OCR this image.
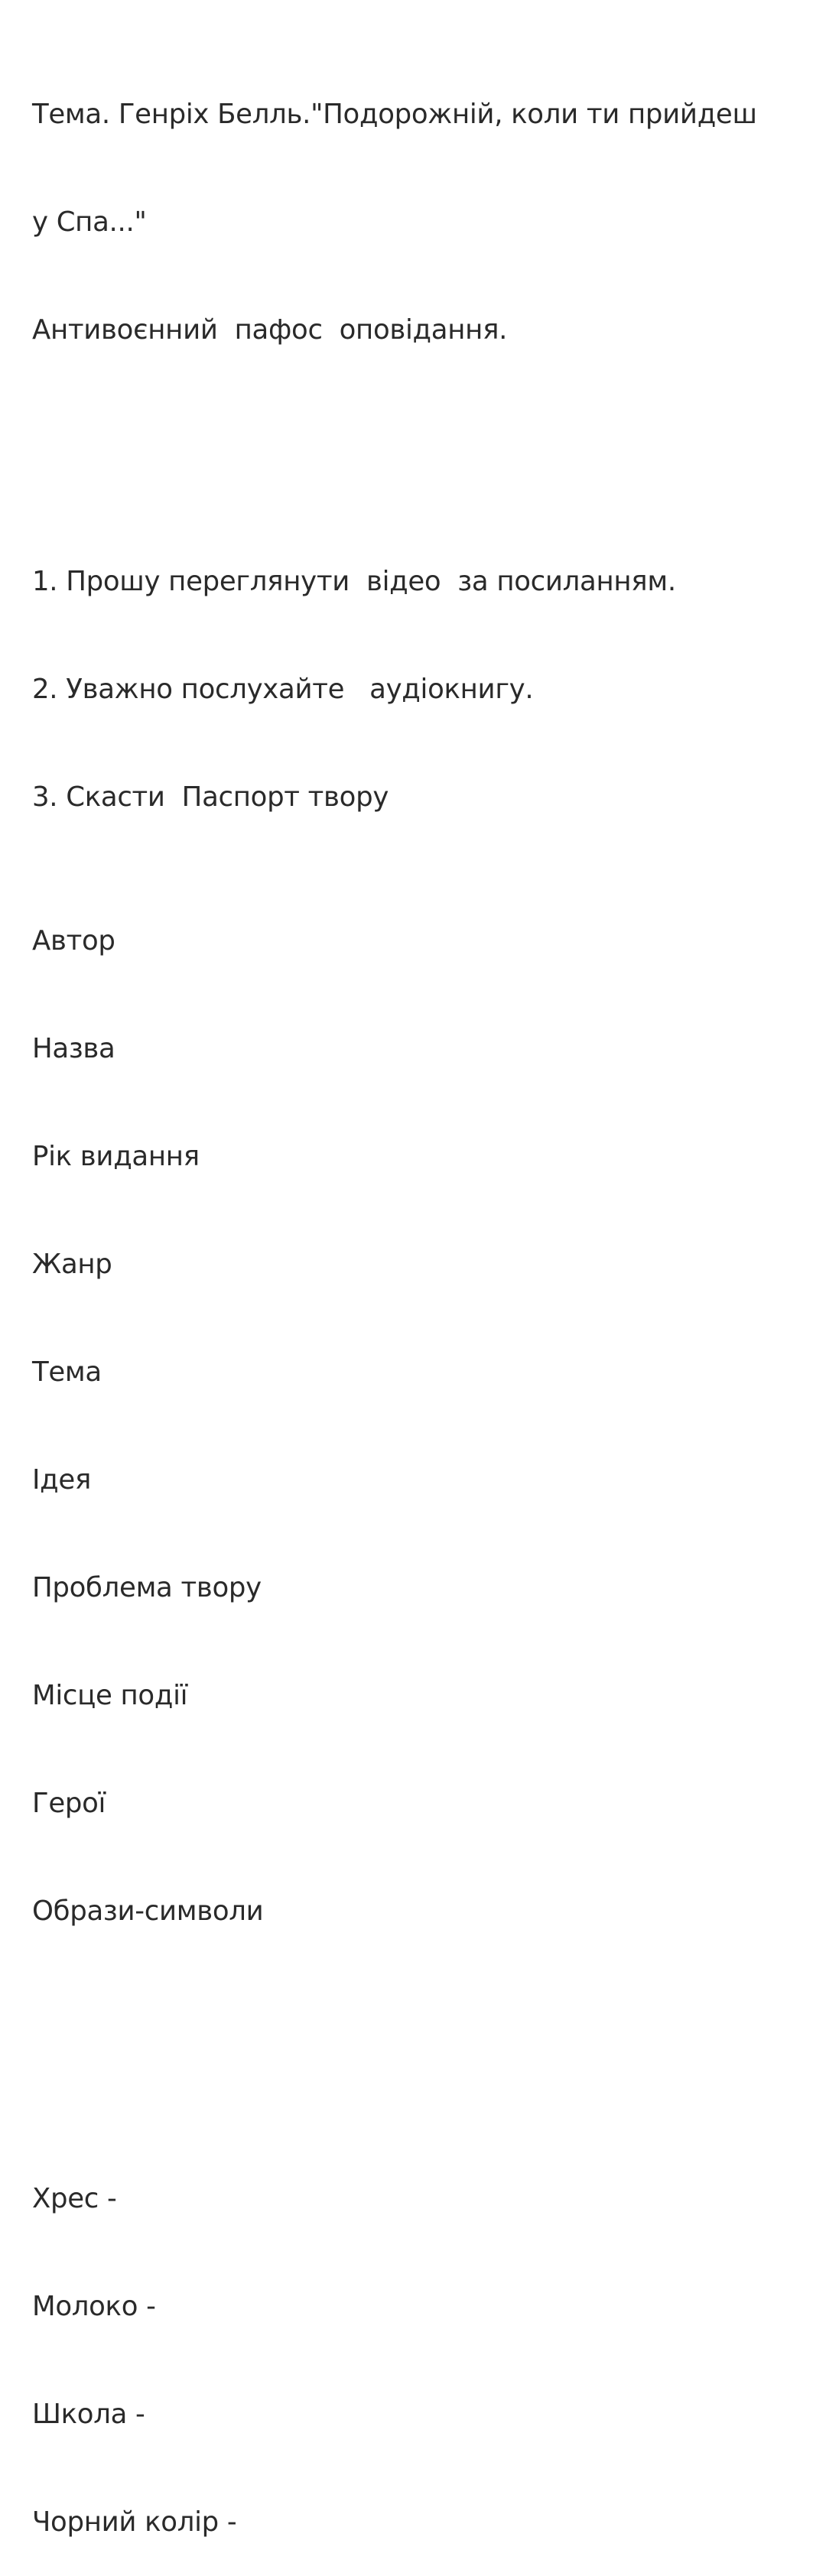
Тема. Генріх Белль."Подорожній, коли ти прийдеш

у Спа..."

Антивоєнний  пафос  оповідання.

1. Прошу переглянути  відео  за посиланням.

2. Уважно послухайте   аудіокнигу.

3. Скасти  Паспорт твору

Автор

Назва

Рік видання

Жанр

Тема

Ідея

Проблема твору

Місце події

Герої

Образи-символи

Хрес -

Молоко -

Школа -

Чорний колір -
